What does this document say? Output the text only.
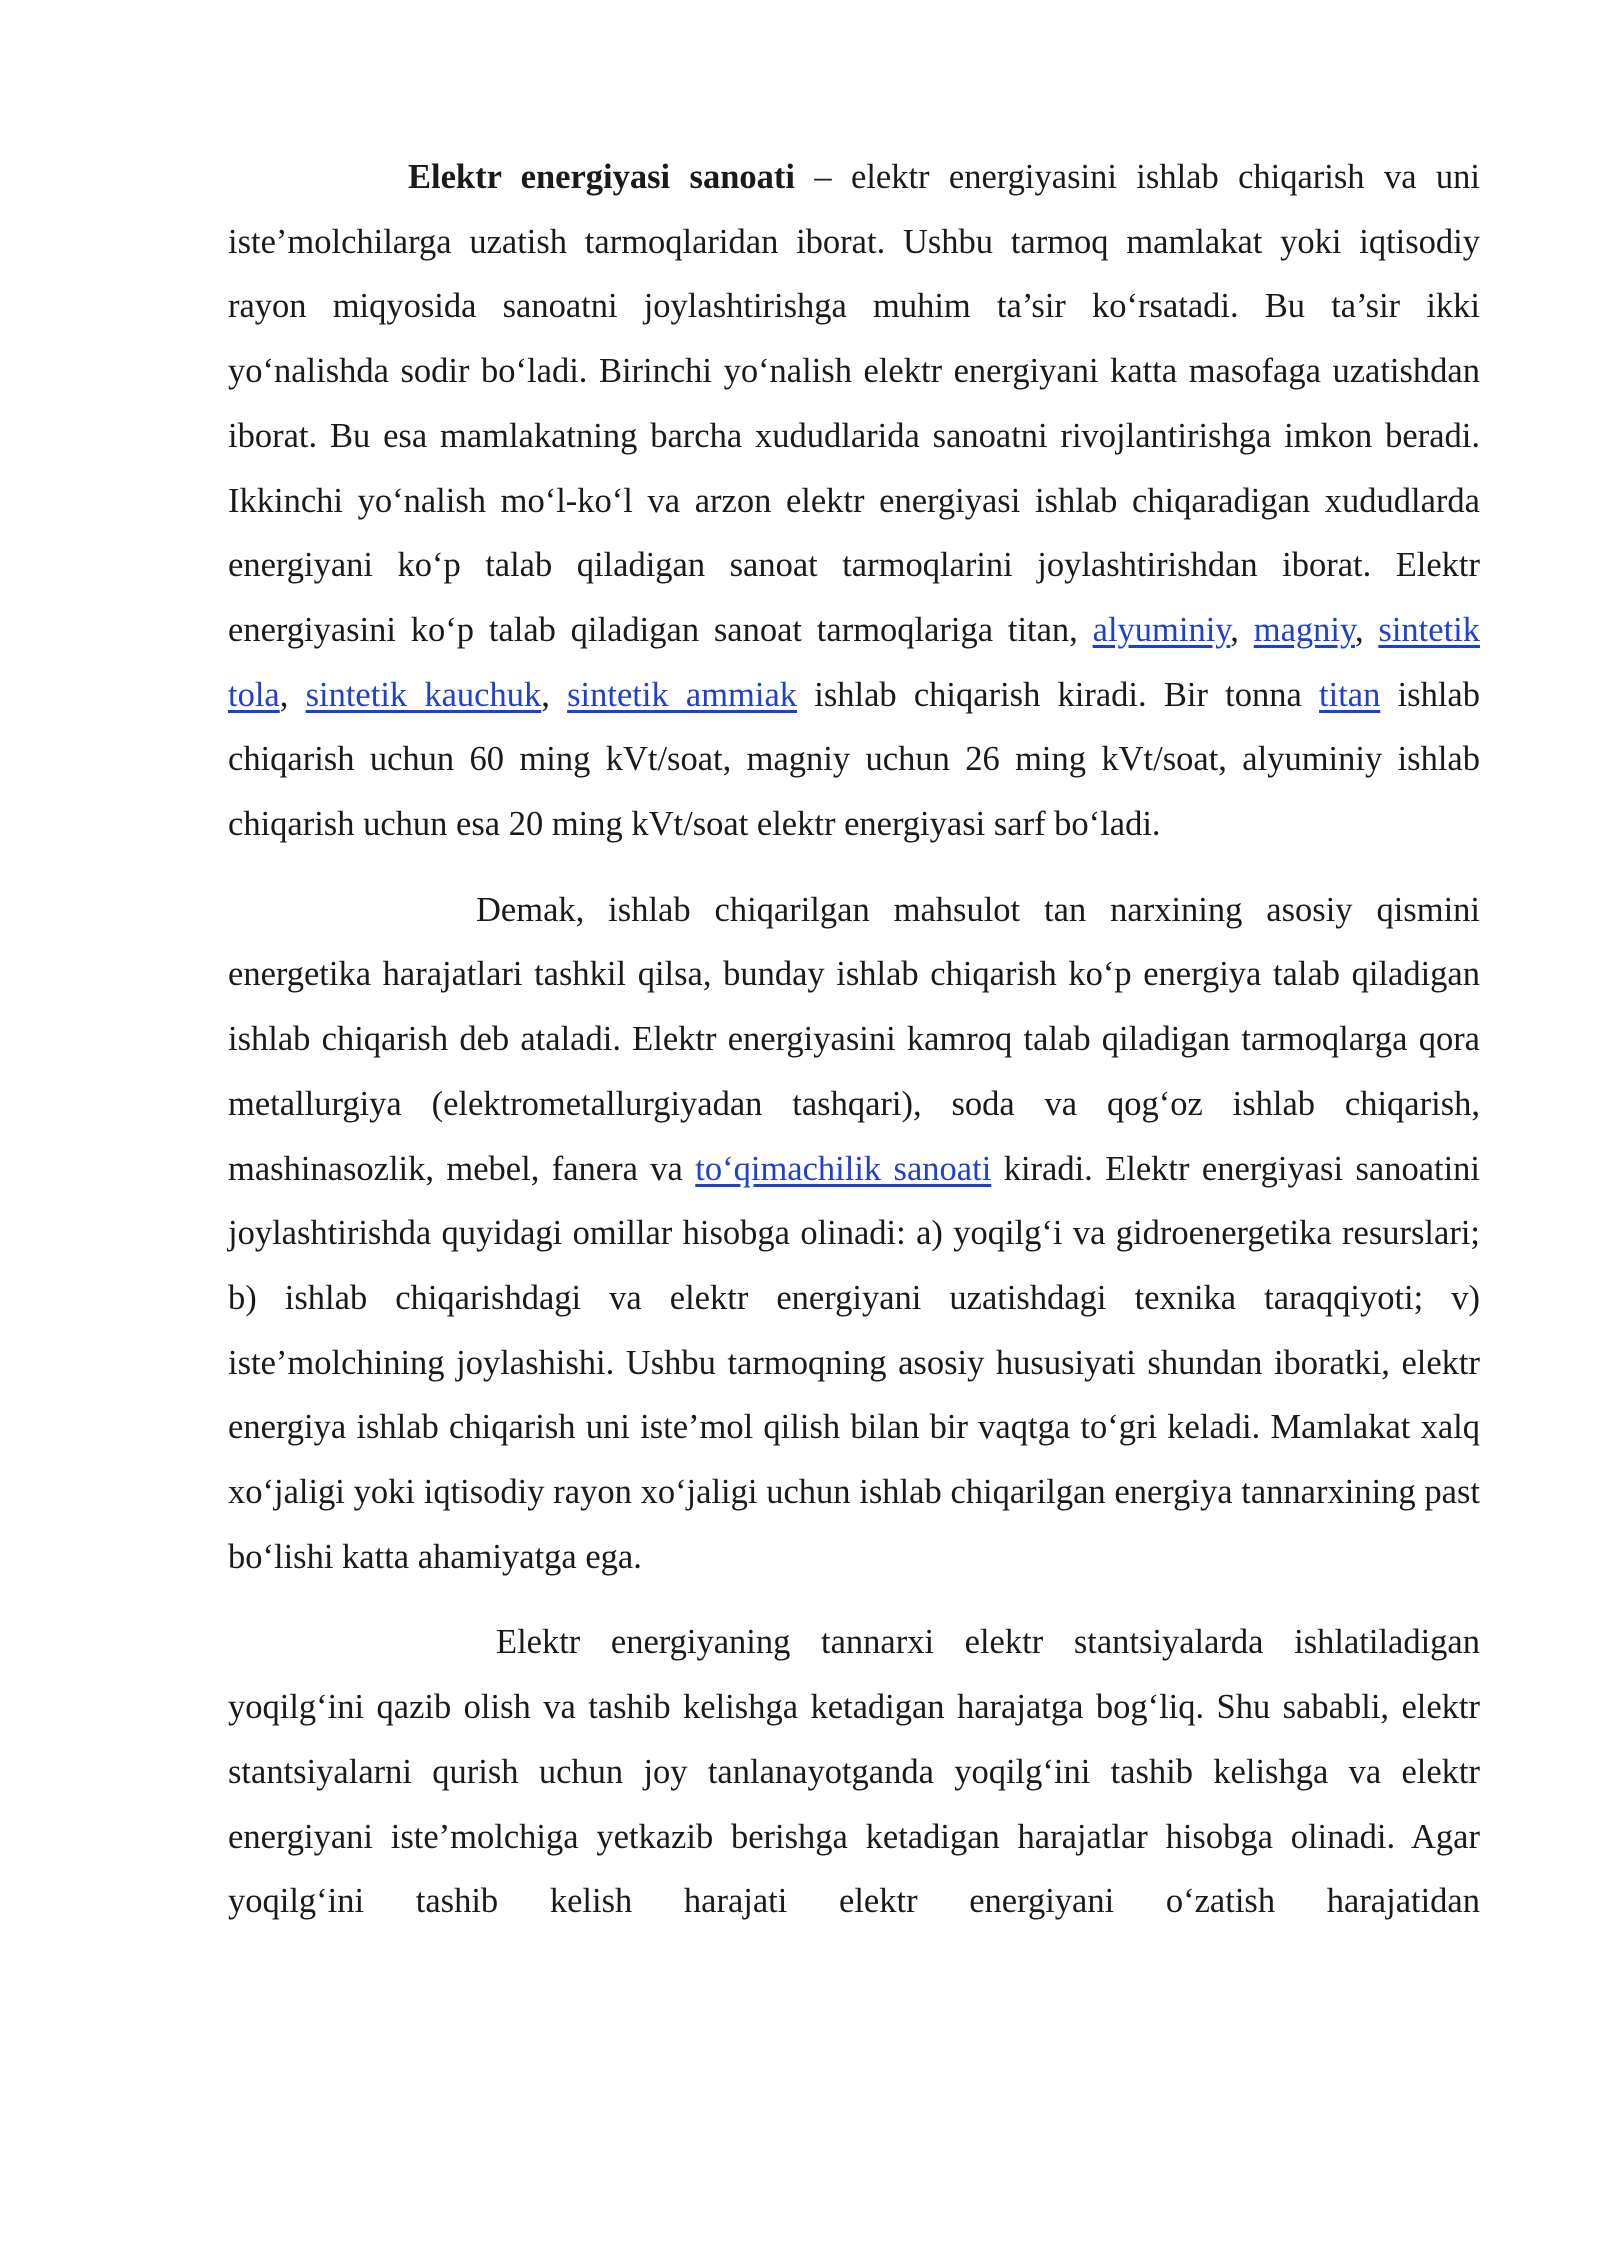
Elektr energiyasi sanoati – elektr energiyasini ishlab chiqarish va uni iste’molchilarga uzatish tarmoqlaridan iborat. Ushbu tarmoq mamlakat yoki iqtisodiy rayon miqyosida sanoatni joylashtirishga muhim ta’sir ko‘rsatadi. Bu ta’sir ikki yo‘nalishda sodir bo‘ladi. Birinchi yo‘nalish elektr energiyani katta masofaga uzatishdan iborat. Bu esa mamlakatning barcha xududlarida sanoatni rivojlantirishga imkon beradi. Ikkinchi yo‘nalish mo‘l-ko‘l va arzon elektr energiyasi ishlab chiqaradigan xududlarda energiyani ko‘p talab qiladigan sanoat tarmoqlarini joylashtirishdan iborat. Elektr energiyasini ko‘p talab qiladigan sanoat tarmoqlariga titan, alyuminiy, magniy, sintetik tola, sintetik kauchuk, sintetik ammiak ishlab chiqarish kiradi. Bir tonna titan ishlab chiqarish uchun 60 ming kVt/soat, magniy uchun 26 ming kVt/soat, alyuminiy ishlab chiqarish uchun esa 20 ming kVt/soat elektr energiyasi sarf bo‘ladi.

Demak, ishlab chiqarilgan mahsulot tan narxining asosiy qismini energetika harajatlari tashkil qilsa, bunday ishlab chiqarish ko‘p energiya talab qiladigan ishlab chiqarish deb ataladi. Elektr energiyasini kamroq talab qiladigan tarmoqlarga qora metallurgiya (elektrometallurgiyadan tashqari), soda va qog‘oz ishlab chiqarish, mashinasozlik, mebel, fanera va to‘qimachilik sanoati kiradi. Elektr energiyasi sanoatini joylashtirishda quyidagi omillar hisobga olinadi: a) yoqilg‘i va gidroenergetika resurslari; b) ishlab chiqarishdagi va elektr energiyani uzatishdagi texnika taraqqiyoti; v) iste’molchining joylashishi. Ushbu tarmoqning asosiy hususiyati shundan iboratki, elektr energiya ishlab chiqarish uni iste’mol qilish bilan bir vaqtga to‘gri keladi. Mamlakat xalq xo‘jaligi yoki iqtisodiy rayon xo‘jaligi uchun ishlab chiqarilgan energiya tannarxining past bo‘lishi katta ahamiyatga ega.

Elektr energiyaning tannarxi elektr stantsiyalarda ishlatiladigan yoqilg‘ini qazib olish va tashib kelishga ketadigan harajatga bog‘liq. Shu sababli, elektr stantsiyalarni qurish uchun joy tanlanayotganda yoqilg‘ini tashib kelishga va elektr energiyani iste’molchiga yetkazib berishga ketadigan harajatlar hisobga olinadi. Agar yoqilg‘ini tashib kelish harajati elektr energiyani o‘zatish harajatidan
